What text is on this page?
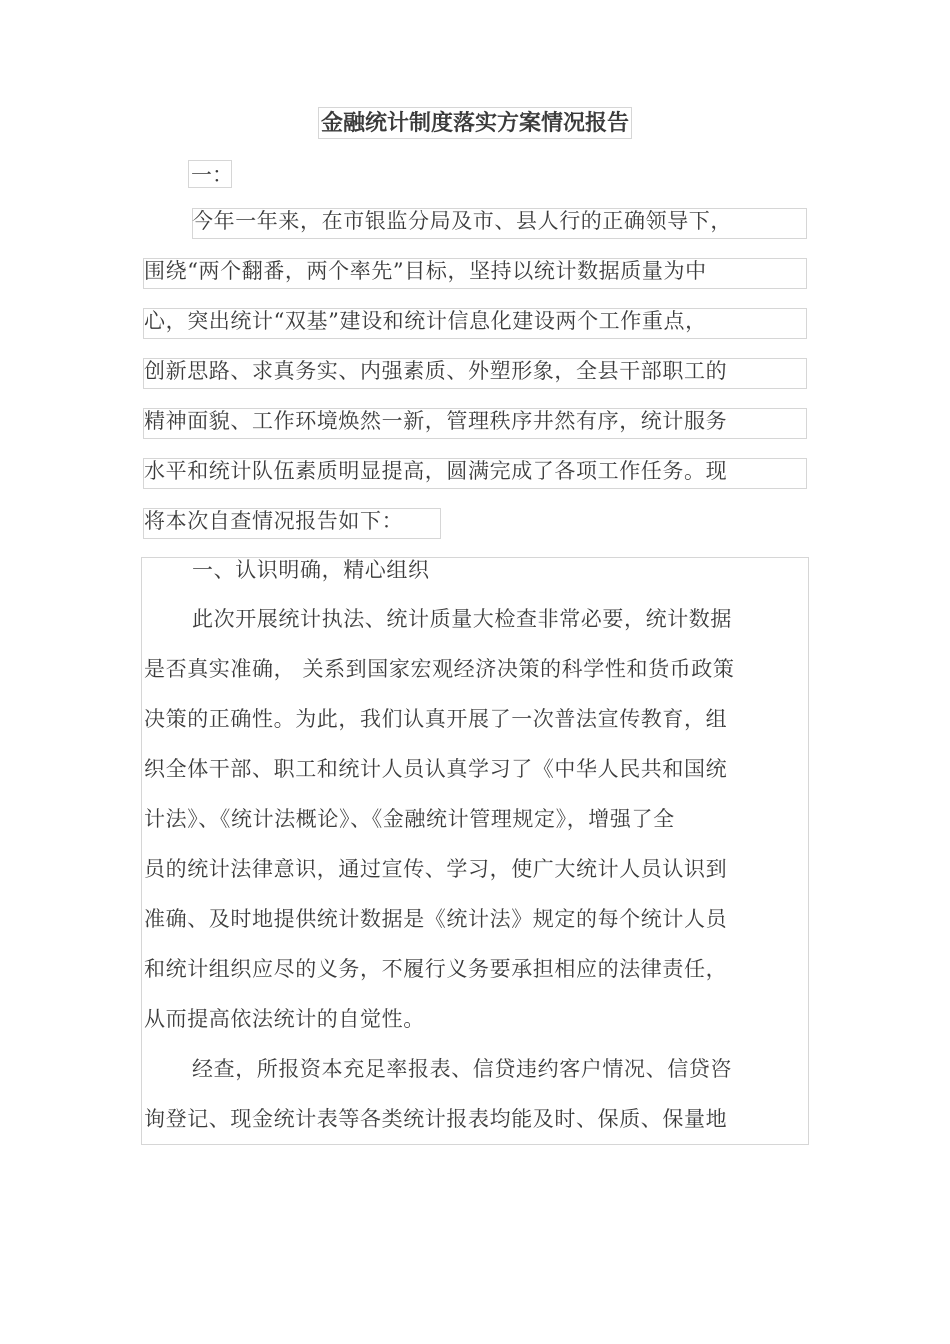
金融统计制度落实方案情况报告
一：
今年一年来，在市银监分局及市、县人行的正确领导下，
围绕“两个翻番，两个率先”目标，坚持以统计数据质量为中
心，突出统计“双基”建设和统计信息化建设两个工作重点，
创新思路、求真务实、内强素质、外塑形象，全县干部职工的
精神面貌、工作环境焕然一新，管理秩序井然有序，统计服务
水平和统计队伍素质明显提高，圆满完成了各项工作任务。现
将本次自查情况报告如下：
一、认识明确，精心组织
此次开展统计执法、统计质量大检查非常必要，统计数据
是否真实准确， 关系到国家宏观经济决策的科学性和货币政策
决策的正确性。为此，我们认真开展了一次普法宣传教育，组
织全体干部、职工和统计人员认真学习了《中华人民共和国统
计法》、《统计法概论》、《金融统计管理规定》，增强了全
员的统计法律意识，通过宣传、学习，使广大统计人员认识到
准确、及时地提供统计数据是《统计法》规定的每个统计人员
和统计组织应尽的义务，不履行义务要承担相应的法律责任，
从而提高依法统计的自觉性。
经查，所报资本充足率报表、信贷违约客户情况、信贷咨
询登记、现金统计表等各类统计报表均能及时、保质、保量地
